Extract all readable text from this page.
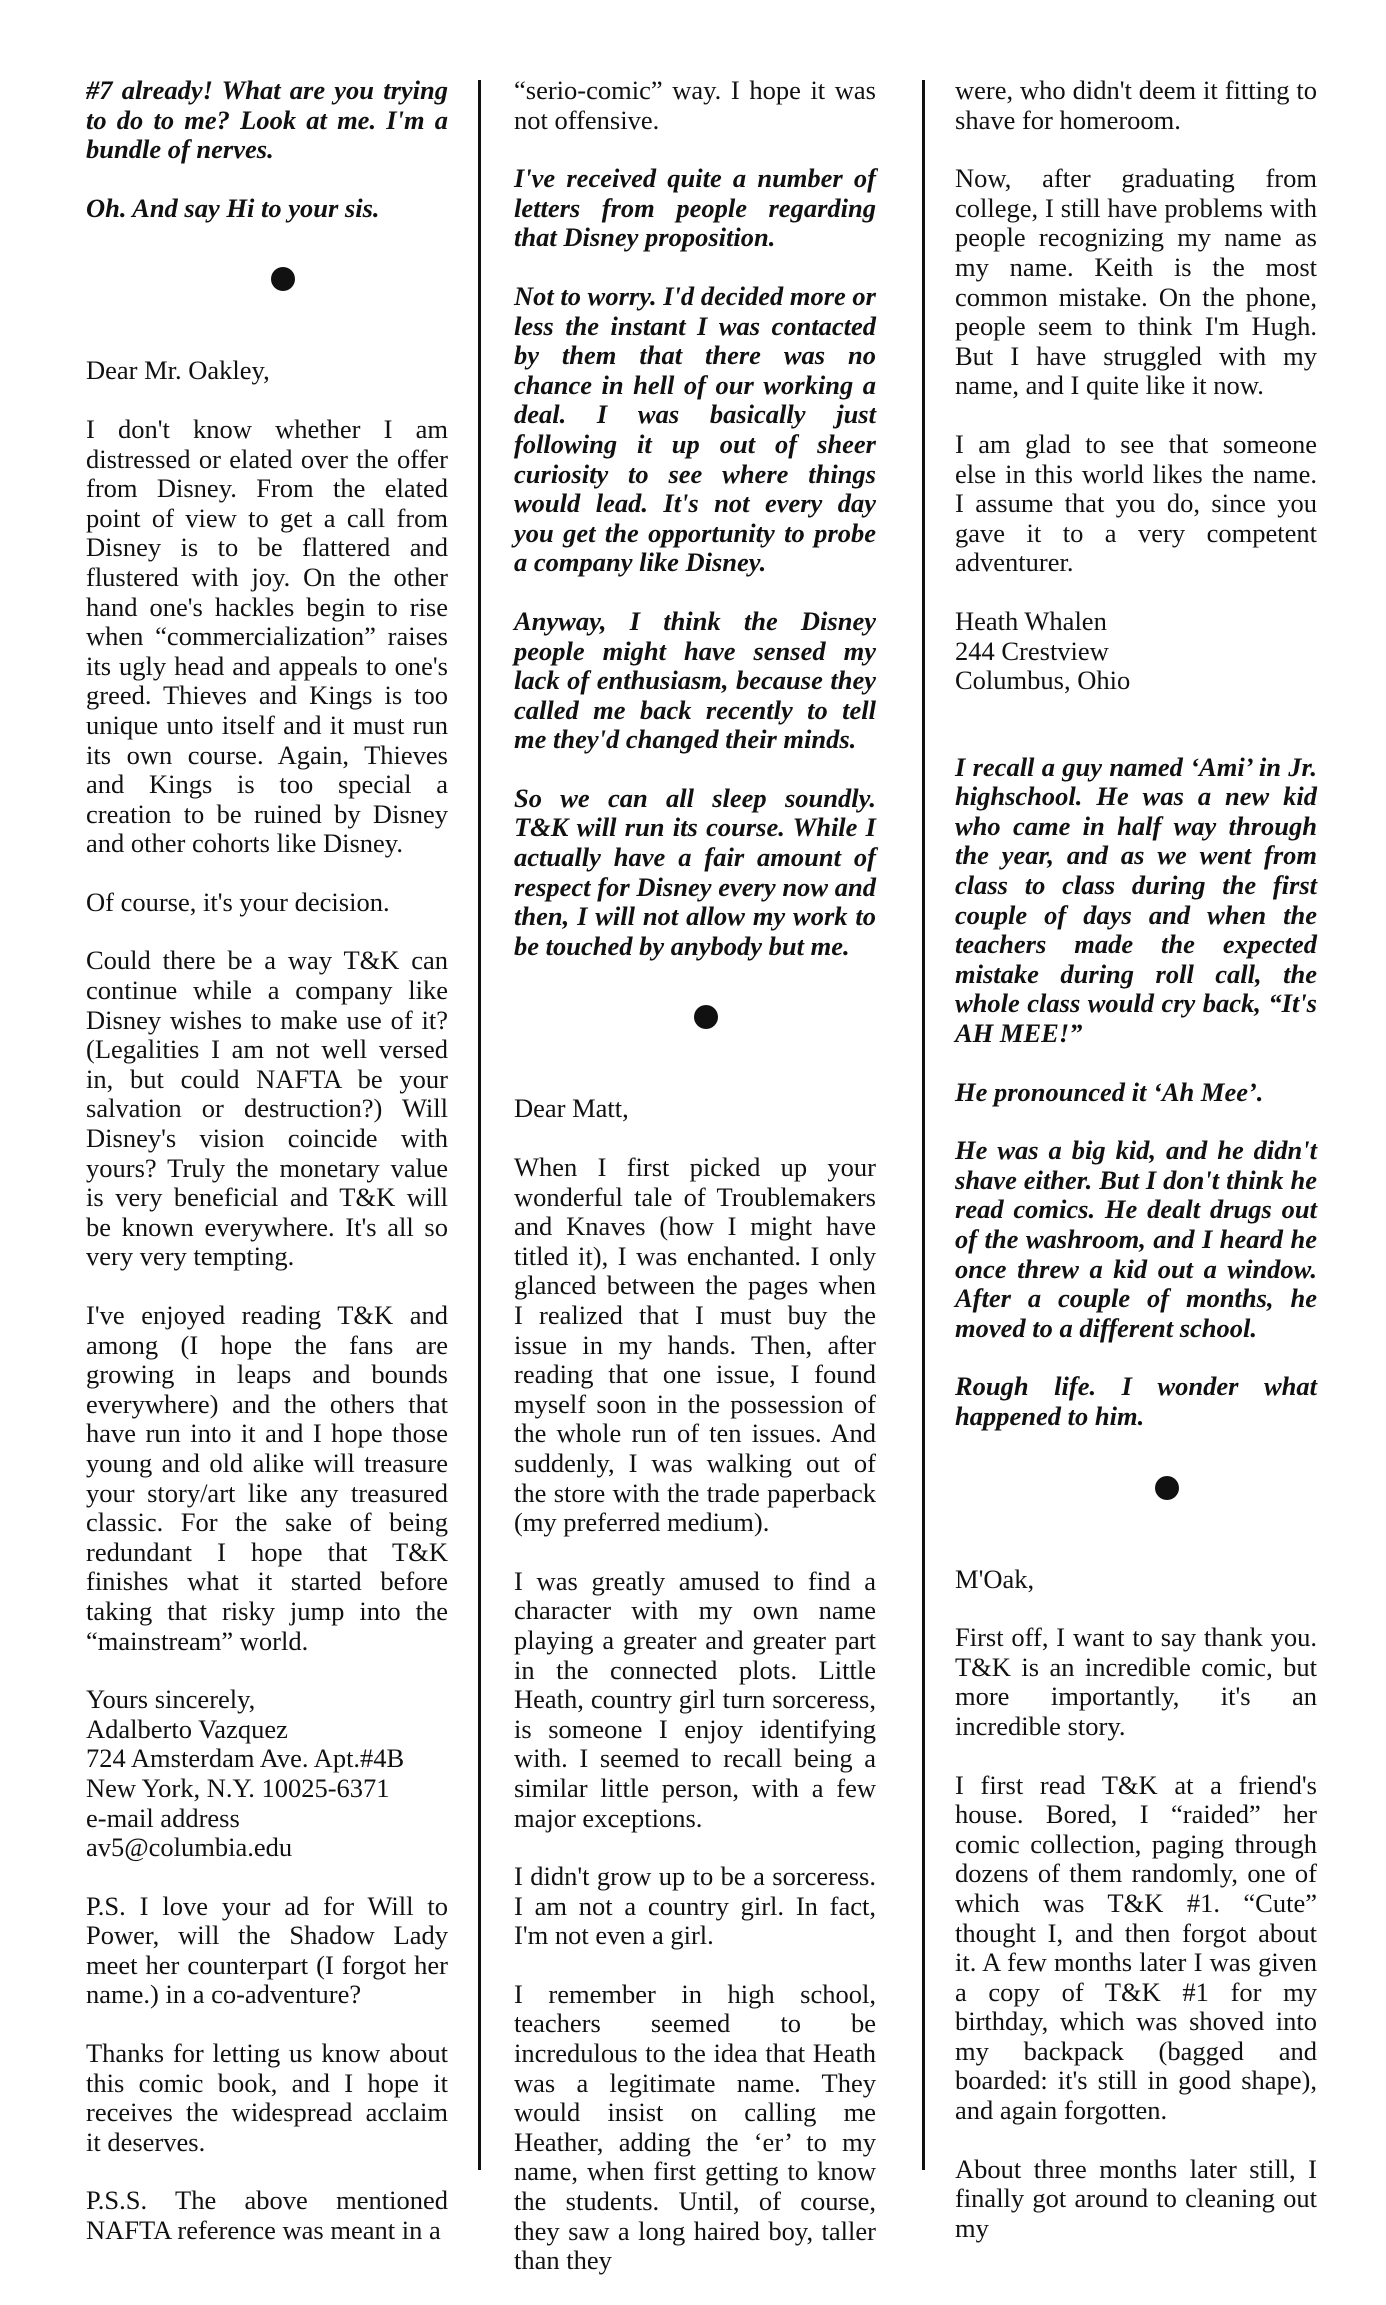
#7 already! What are you trying to do to me? Look at me. I'm a bundle of nerves.

Oh. And say Hi to your sis.

Dear Mr. Oakley,

I don't know whether I am distressed or elated over the offer from Disney. From the elated point of view to get a call from Disney is to be flattered and flustered with joy. On the other hand one's hackles begin to rise when “commercialization” raises its ugly head and appeals to one's greed. Thieves and Kings is too unique unto itself and it must run its own course. Again, Thieves and Kings is too special a creation to be ruined by Disney and other cohorts like Disney.

Of course, it's your decision.

Could there be a way T&K can continue while a company like Disney wishes to make use of it? (Legalities I am not well versed in, but could NAFTA be your salvation or destruction?) Will Disney's vision coincide with yours? Truly the monetary value is very beneficial and T&K will be known everywhere. It's all so very very tempting.

I've enjoyed reading T&K and among (I hope the fans are growing in leaps and bounds everywhere) and the others that have run into it and I hope those young and old alike will treasure your story/art like any treasured classic. For the sake of being redundant I hope that T&K finishes what it started before taking that risky jump into the “mainstream” world.

Yours sincerely,
Adalberto Vazquez
724 Amsterdam Ave. Apt.#4B
New York, N.Y. 10025-6371
e-mail address av5@columbia.edu

P.S. I love your ad for Will to Power, will the Shadow Lady meet her counterpart (I forgot her name.) in a co-adventure?

Thanks for letting us know about this comic book, and I hope it receives the widespread acclaim it deserves.

P.S.S. The above mentioned NAFTA reference was meant in a

“serio-comic” way. I hope it was not offensive.

I've received quite a number of letters from people regarding that Disney proposition.

Not to worry. I'd decided more or less the instant I was contacted by them that there was no chance in hell of our working a deal. I was basically just following it up out of sheer curiosity to see where things would lead. It's not every day you get the opportunity to probe a company like Disney.

Anyway, I think the Disney people might have sensed my lack of enthusiasm, because they called me back recently to tell me they'd changed their minds.

So we can all sleep soundly. T&K will run its course. While I actually have a fair amount of respect for Disney every now and then, I will not allow my work to be touched by anybody but me.

Dear Matt,

When I first picked up your wonderful tale of Troublemakers and Knaves (how I might have titled it), I was enchanted. I only glanced between the pages when I realized that I must buy the issue in my hands. Then, after reading that one issue, I found myself soon in the possession of the whole run of ten issues. And suddenly, I was walking out of the store with the trade paperback (my preferred medium).

I was greatly amused to find a character with my own name playing a greater and greater part in the connected plots. Little Heath, country girl turn sorceress, is someone I enjoy identifying with. I seemed to recall being a similar little person, with a few major exceptions.

I didn't grow up to be a sorceress. I am not a country girl. In fact, I'm not even a girl.

I remember in high school, teachers seemed to be incredulous to the idea that Heath was a legitimate name. They would insist on calling me Heather, adding the ‘er’ to my name, when first getting to know the students. Until, of course, they saw a long haired boy, taller than they

were, who didn't deem it fitting to shave for homeroom.

Now, after graduating from college, I still have problems with people recognizing my name as my name. Keith is the most common mistake. On the phone, people seem to think I'm Hugh. But I have struggled with my name, and I quite like it now.

I am glad to see that someone else in this world likes the name. I assume that you do, since you gave it to a very competent adventurer.

Heath Whalen
244 Crestview
Columbus, Ohio

I recall a guy named ‘Ami’ in Jr. highschool. He was a new kid who came in half way through the year, and as we went from class to class during the first couple of days and when the teachers made the expected mistake during roll call, the whole class would cry back, “It's AH MEE!”

He pronounced it ‘Ah Mee’.

He was a big kid, and he didn't shave either. But I don't think he read comics. He dealt drugs out of the washroom, and I heard he once threw a kid out a window. After a couple of months, he moved to a different school.

Rough life. I wonder what happened to him.

M'Oak,

First off, I want to say thank you. T&K is an incredible comic, but more importantly, it's an incredible story.

I first read T&K at a friend's house. Bored, I “raided” her comic collection, paging through dozens of them randomly, one of which was T&K #1. “Cute” thought I, and then forgot about it. A few months later I was given a copy of T&K #1 for my birthday, which was shoved into my backpack (bagged and boarded: it's still in good shape), and again forgotten.

About three months later still, I finally got around to cleaning out my
